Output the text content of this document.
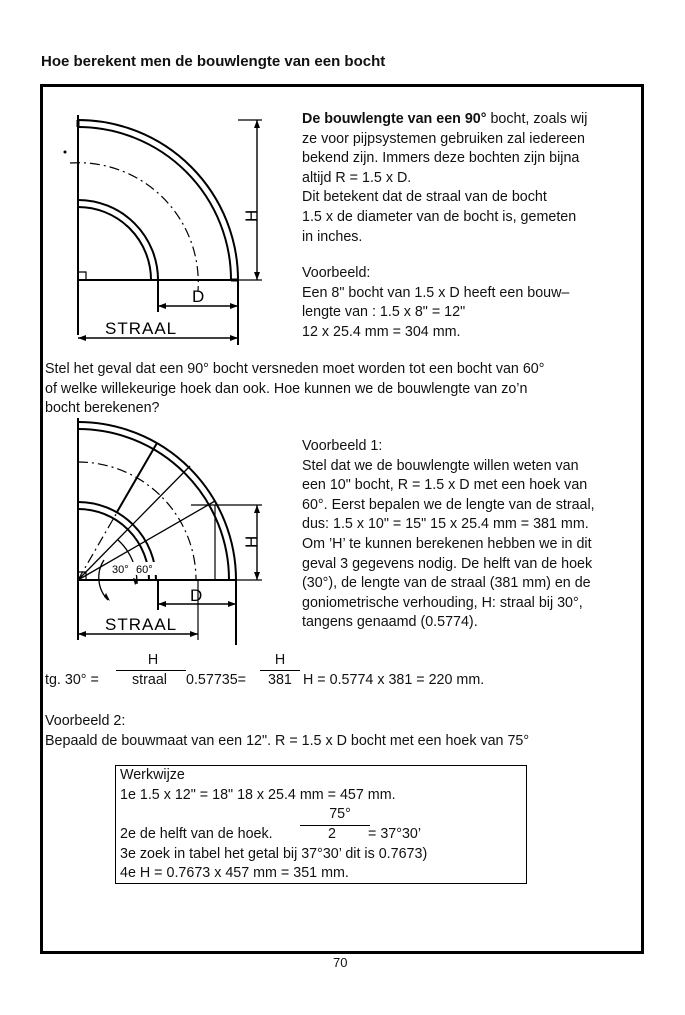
Hoe berekent men de bouwlengte van een bocht
D
STRAAL
H
30° 60°
D
STRAAL
H
De bouwlengte van een 90° bocht, zoals wij
ze voor pijpsystemen gebruiken zal iedereen
bekend zijn. Immers deze bochten zijn bijna
altijd R = 1.5 x D.
Dit betekent dat de straal van de bocht
1.5 x de diameter van de bocht is, gemeten
in inches.
Voorbeeld:
Een 8" bocht van 1.5 x D heeft een bouw–
lengte van : 1.5 x 8" = 12"
12 x 25.4 mm = 304 mm.
Stel het geval dat een 90° bocht versneden moet worden tot een bocht van 60°
of welke willekeurige hoek dan ook. Hoe kunnen we de bouwlengte van zo’n
bocht berekenen?
Voorbeeld 1:
Stel dat we de bouwlengte willen weten van
een 10" bocht, R = 1.5 x D met een hoek van
60°. Eerst bepalen we de lengte van de straal,
dus: 1.5 x 10" = 15" 15 x 25.4 mm = 381 mm.
Om ’H’ te kunnen berekenen hebben we in dit
geval 3 gegevens nodig. De helft van de hoek
(30°), de lengte van de straal (381 mm) en de
goniometrische verhouding, H: straal bij 30°,
tangens genaamd (0.5774).
H	H
tg. 30° = straal 0.57735= 381 H = 0.5774 x 381 = 220 mm.
Voorbeeld 2:
Bepaald de bouwmaat van een 12". R = 1.5 x D bocht met een hoek van 75°
Werkwijze
1e 1.5 x 12" = 18" 18 x 25.4 mm = 457 mm.
75°
2e de helft van de hoek.	2 = 37°30’
3e zoek in tabel het getal bij 37°30’ dit is 0.7673)
4e H = 0.7673 x 457 mm = 351 mm.
70
